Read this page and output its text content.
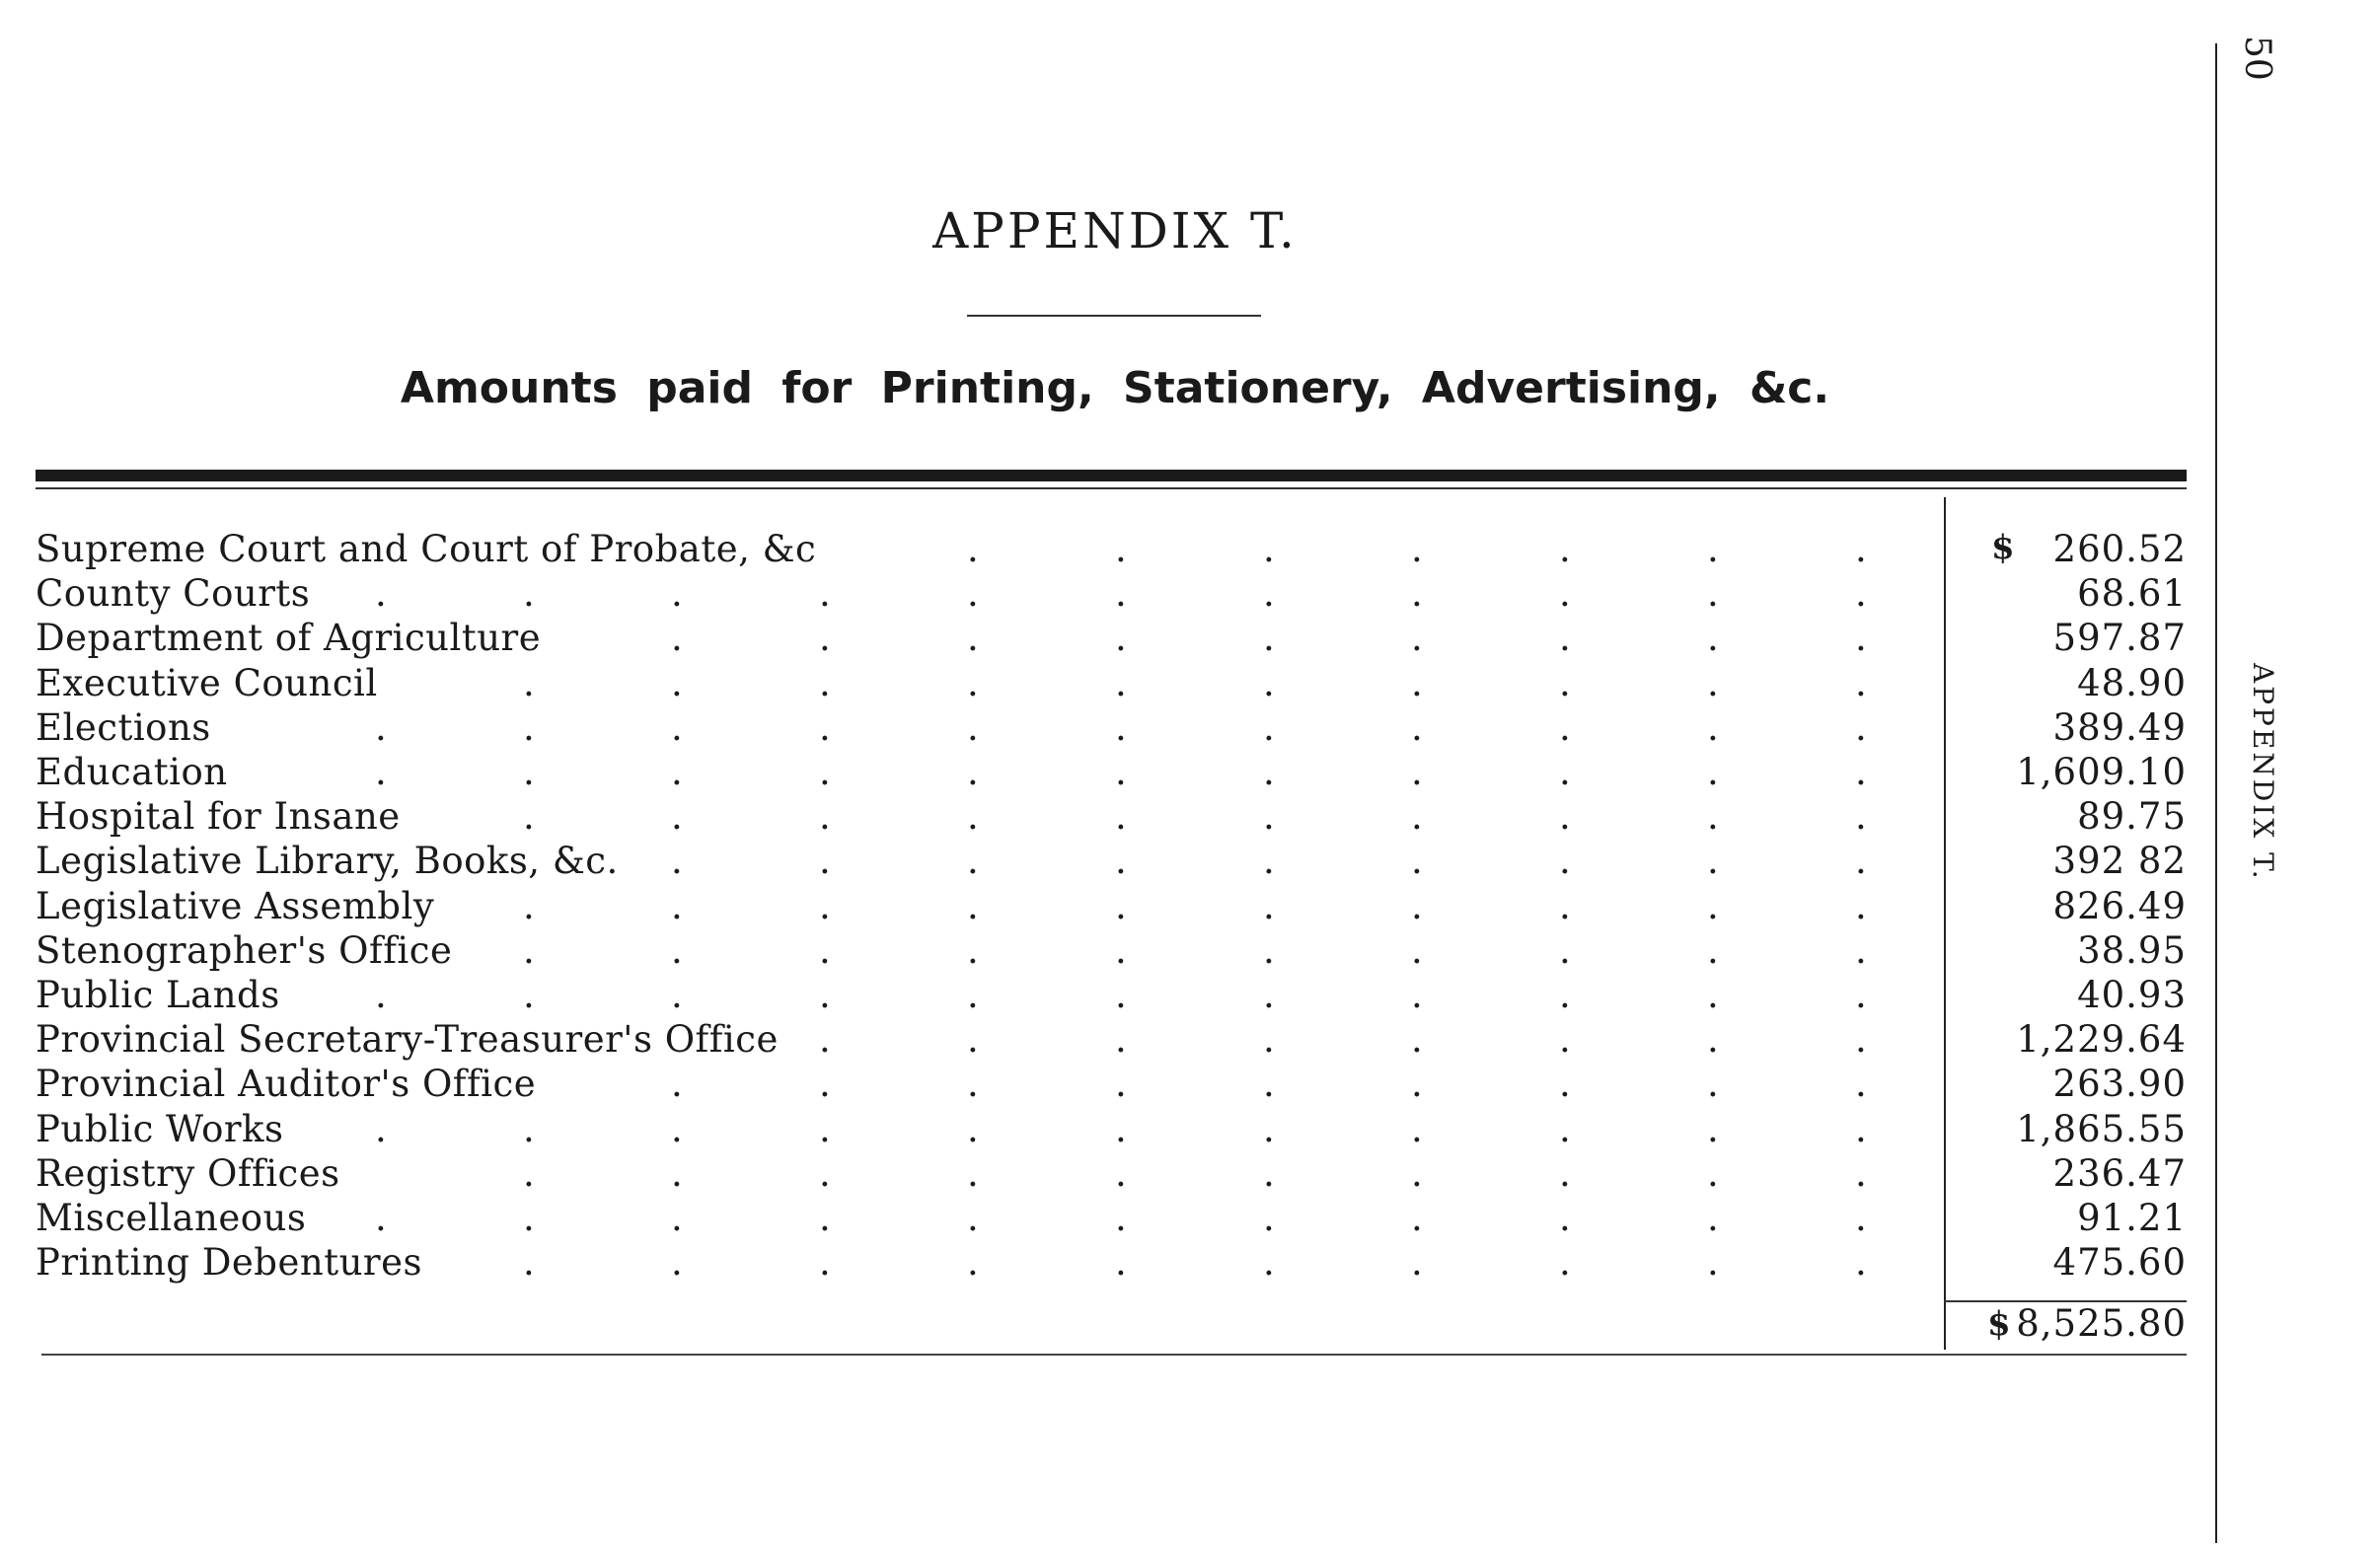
APPENDIX T.
Amounts paid for Printing, Stationery, Advertising, &c.
Supreme Court and Court of Probate, &c	.	.	.	.	.	.	.	$	260.52
County Courts .	.	.	.	.	.	.	.	.	.	.	68.61
Department of Agriculture	.	.	.	.	.	.	.	.	.	597.87
Executive Council	.	.	.	.	.	.	.	.	.	.	48.90
Elections	.	.	.	.	.	.	.	.	.	.	.	389.49
Education	.	.	.	.	.	.	.	.	.	.	.	1,609.10
Hospital for Insane	.	.	.	.	.	.	.	.	.	.	89.75
Legislative Library, Books, &c. .	.	.	.	.	.	.	.	.	392 82
Legislative Assembly .	.	.	.	.	.	.	.	.	.	826.49
Stenographer's Office .	.	.	.	.	.	.	.	.	.	38.95
Public Lands	.	.	.	.	.	.	.	.	.	.	.	40.93
Provincial Secretary-Treasurer's Office .	.	.	.	.	.	.	.	1,229.64
Provincial Auditor's Office	.	.	.	.	.	.	.	.	.	263.90
Public Works	.	.	.	.	.	.	.	.	.	.	.	1,865.55
Registry Offices	.	.	.	.	.	.	.	.	.	.	236.47
Miscellaneous .	.	.	.	.	.	.	.	.	.	.	91.21
Printing Debentures	.	.	.	.	.	.	.	.	.	.	475.60
$ 8,525.80
50
APPENDIX T.
